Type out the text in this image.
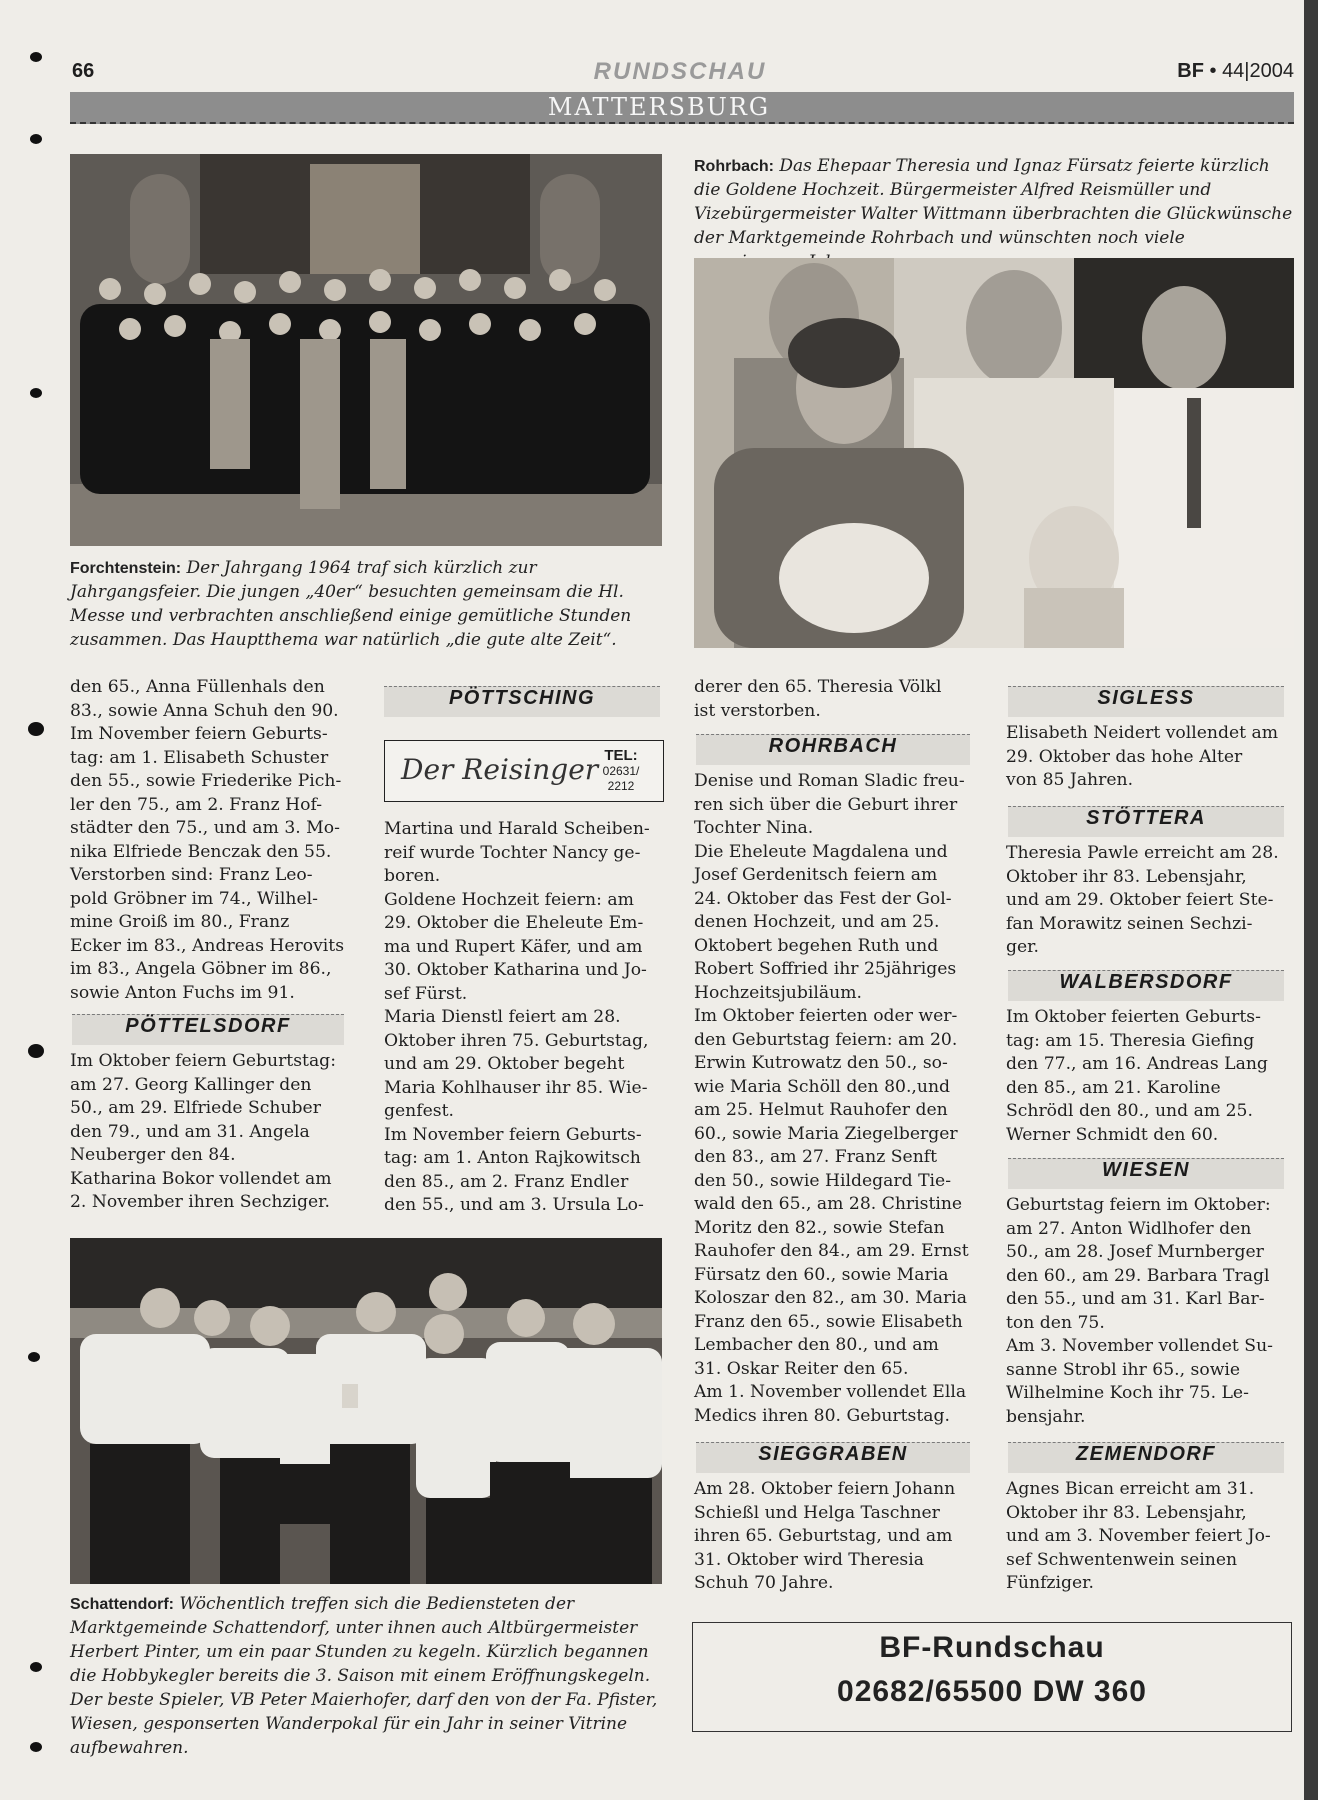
66	RUNDSCHAU	BF • 44|2004
MATTERSBURG
Forchtenstein: Der Jahrgang 1964 traf sich kürzlich zur Jahrgangsfeier. Die jungen „40er“ besuchten gemeinsam die Hl. Messe und verbrachten anschließend einige gemütliche Stunden zusammen. Das Hauptthema war natürlich „die gute alte Zeit“.
Rohrbach: Das Ehepaar Theresia und Ignaz Fürsatz feierte kürzlich die Goldene Hochzeit. Bürgermeister Alfred Reismüller und Vizebürgermeister Walter Wittmann überbrachten die Glückwünsche der Marktgemeinde Rohrbach und wünschten noch viele
den 65., Anna Füllenhals den
83., sowie Anna Schuh den 90.
Im November feiern Geburts-
tag: am 1. Elisabeth Schuster
den 55., sowie Friederike Pich-
ler den 75., am 2. Franz Hof-
städter den 75., und am 3. Mo-
nika Elfriede Benczak den 55.
Verstorben sind: Franz Leo-
pold Gröbner im 74., Wilhel-
mine Groiß im 80., Franz
Ecker im 83., Andreas Herovits
im 83., Angela Göbner im 86.,
sowie Anton Fuchs im 91.
PÖTTELSDORF
Im Oktober feiern Geburtstag:
am 27. Georg Kallinger den
50., am 29. Elfriede Schuber
den 79., und am 31. Angela
Neuberger den 84.
Katharina Bokor vollendet am
2. November ihren Sechziger.
PÖTTSCHING
Der Reisinger TEL:
02631/
2212
Martina und Harald Scheiben-
reif wurde Tochter Nancy ge-
boren.
Goldene Hochzeit feiern: am
29. Oktober die Eheleute Em-
ma und Rupert Käfer, und am
30. Oktober Katharina und Jo-
sef Fürst.
Maria Dienstl feiert am 28.
Oktober ihren 75. Geburtstag,
und am 29. Oktober begeht
Maria Kohlhauser ihr 85. Wie-
genfest.
Im November feiern Geburts-
tag: am 1. Anton Rajkowitsch
den 85., am 2. Franz Endler
den 55., und am 3. Ursula Lo-
derer den 65. Theresia Völkl
ist verstorben.
ROHRBACH
Denise und Roman Sladic freu-
ren sich über die Geburt ihrer
Tochter Nina.
Die Eheleute Magdalena und
Josef Gerdenitsch feiern am
24. Oktober das Fest der Gol-
denen Hochzeit, und am 25.
Oktobert begehen Ruth und
Robert Soffried ihr 25jähriges
Hochzeitsjubiläum.
Im Oktober feierten oder wer-
den Geburtstag feiern: am 20.
Erwin Kutrowatz den 50., so-
wie Maria Schöll den 80.,und
am 25. Helmut Rauhofer den
60., sowie Maria Ziegelberger
den 83., am 27. Franz Senft
den 50., sowie Hildegard Tie-
wald den 65., am 28. Christine
Moritz den 82., sowie Stefan
Rauhofer den 84., am 29. Ernst
Fürsatz den 60., sowie Maria
Koloszar den 82., am 30. Maria
Franz den 65., sowie Elisabeth
Lembacher den 80., und am
31. Oskar Reiter den 65.
Am 1. November vollendet Ella
Medics ihren 80. Geburtstag.
SIEGGRABEN
Am 28. Oktober feiern Johann
Schießl und Helga Taschner
ihren 65. Geburtstag, und am
31. Oktober wird Theresia
Schuh 70 Jahre.
SIGLESS
Elisabeth Neidert vollendet am
29. Oktober das hohe Alter
von 85 Jahren.
STÖTTERA
Theresia Pawle erreicht am 28.
Oktober ihr 83. Lebensjahr,
und am 29. Oktober feiert Ste-
fan Morawitz seinen Sechzi-
ger.
WALBERSDORF
Im Oktober feierten Geburts-
tag: am 15. Theresia Giefing
den 77., am 16. Andreas Lang
den 85., am 21. Karoline
Schrödl den 80., und am 25.
Werner Schmidt den 60.
WIESEN
Geburtstag feiern im Oktober:
am 27. Anton Widlhofer den
50., am 28. Josef Murnberger
den 60., am 29. Barbara Tragl
den 55., und am 31. Karl Bar-
ton den 75.
Am 3. November vollendet Su-
sanne Strobl ihr 65., sowie
Wilhelmine Koch ihr 75. Le-
bensjahr.
ZEMENDORF
Agnes Bican erreicht am 31.
Oktober ihr 83. Lebensjahr,
und am 3. November feiert Jo-
sef Schwentenwein seinen
Fünfziger.
Schattendorf: Wöchentlich treffen sich die Bediensteten der Marktgemeinde Schattendorf, unter ihnen auch Altbürgermeister Herbert Pinter, um ein paar Stunden zu kegeln. Kürzlich begannen die Hobbykegler bereits die 3. Saison mit einem Eröffnungskegeln. Der beste Spieler, VB Peter Maierhofer, darf den von der Fa. Pfister, Wiesen, gesponserten Wanderpokal für ein Jahr in seiner Vitrine aufbewahren.
BF-Rundschau
02682/65500 DW 360
